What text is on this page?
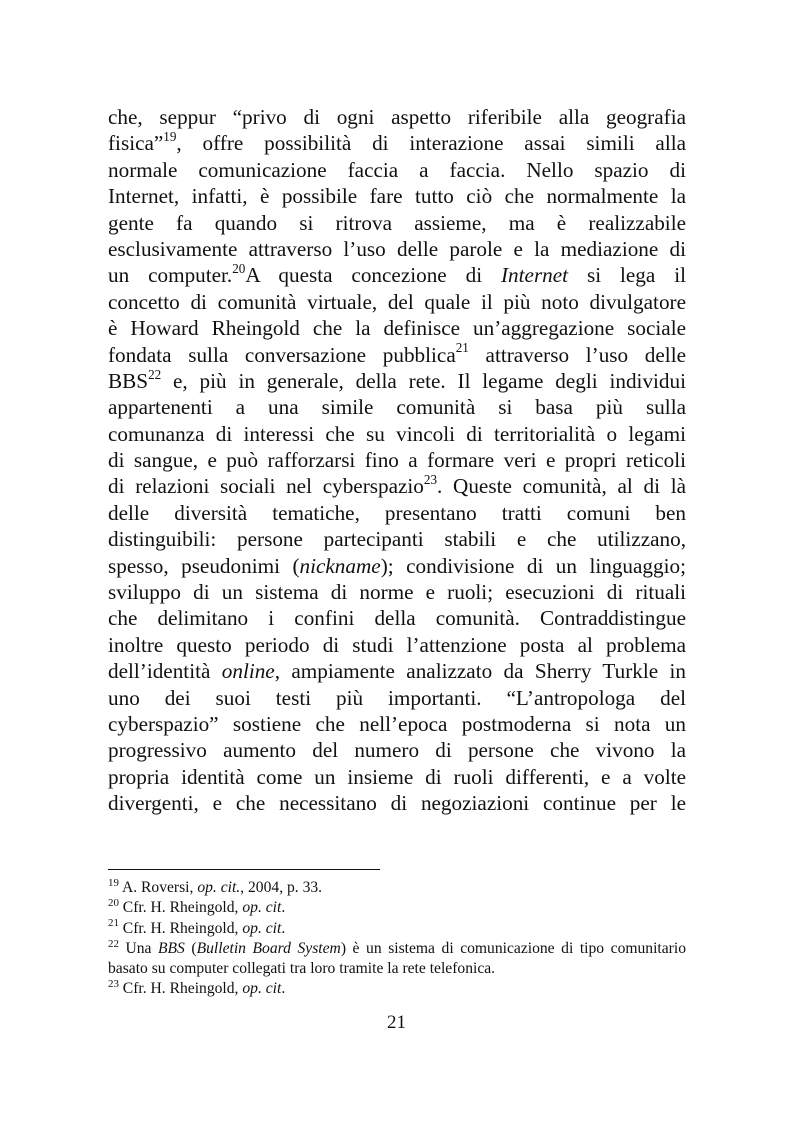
che, seppur “privo di ogni aspetto riferibile alla geografia
fisica”$^{19}$, offre possibilità di interazione assai simili alla
normale comunicazione faccia a faccia. Nello spazio di
Internet, infatti, è possibile fare tutto ciò che normalmente la
gente fa quando si ritrova assieme, ma è realizzabile
esclusivamente attraverso l’uso delle parole e la mediazione di
un computer.$^{20}$A questa concezione di Internet si lega il
concetto di comunità virtuale, del quale il più noto divulgatore
è Howard Rheingold che la definisce un’aggregazione sociale
fondata sulla conversazione pubblica$^{21}$ attraverso l’uso delle
BBS$^{22}$ e, più in generale, della rete. Il legame degli individui
appartenenti a una simile comunità si basa più sulla
comunanza di interessi che su vincoli di territorialità o legami
di sangue, e può rafforzarsi fino a formare veri e propri reticoli
di relazioni sociali nel cyberspazio$^{23}$. Queste comunità, al di là
delle diversità tematiche, presentano tratti comuni ben
distinguibili: persone partecipanti stabili e che utilizzano,
spesso, pseudonimi (nickname); condivisione di un linguaggio;
sviluppo di un sistema di norme e ruoli; esecuzioni di rituali
che delimitano i confini della comunità. Contraddistingue
inoltre questo periodo di studi l’attenzione posta al problema
dell’identità online, ampiamente analizzato da Sherry Turkle in
uno dei suoi testi più importanti. “L’antropologa del
cyberspazio” sostiene che nell’epoca postmoderna si nota un
progressivo aumento del numero di persone che vivono la
propria identità come un insieme di ruoli differenti, e a volte
divergenti, e che necessitano di negoziazioni continue per le
$^{19}$ A. Roversi, op. cit., 2004, p. 33.
$^{20}$ Cfr. H. Rheingold, op. cit.
$^{21}$ Cfr. H. Rheingold, op. cit.
$^{22}$ Una BBS (Bulletin Board System) è un sistema di comunicazione di tipo comunitario basato su computer collegati tra loro tramite la rete telefonica.
$^{23}$ Cfr. H. Rheingold, op. cit.
21
